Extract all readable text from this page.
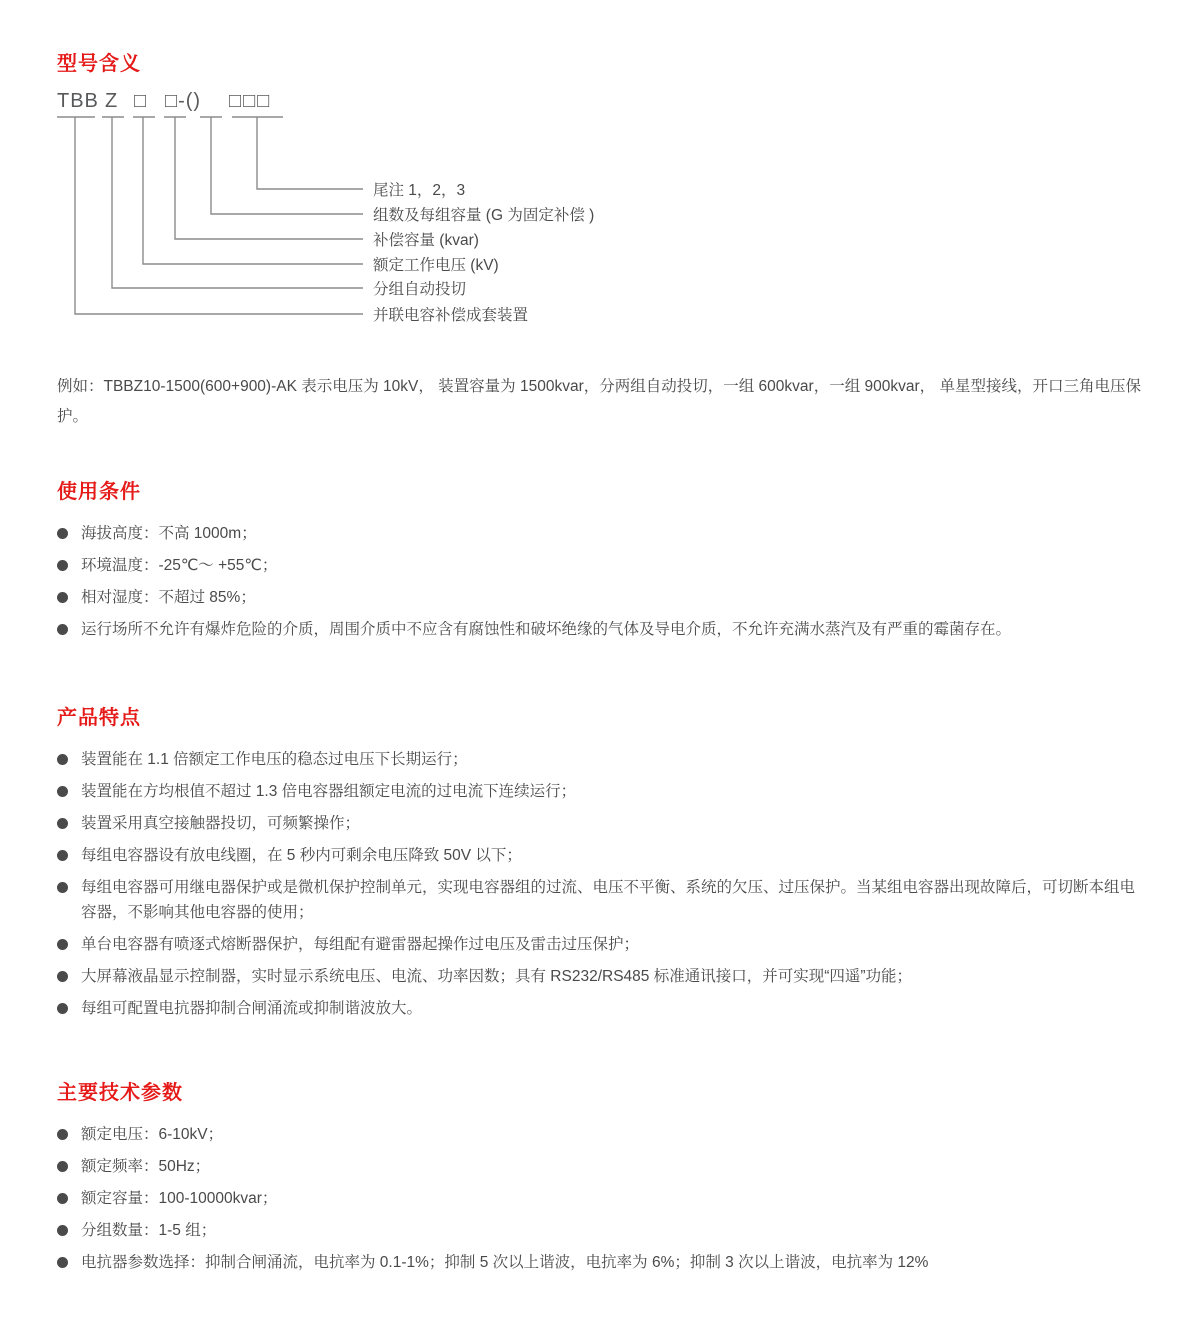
型号含义
TBB Z □ □-() □□□
尾注 1，2，3
组数及每组容量 (G 为固定补偿 )
补偿容量 (kvar)
额定工作电压 (kV)
分组自动投切
并联电容补偿成套装置

例如：TBBZ10-1500(600+900)-AK 表示电压为 10kV， 装置容量为 1500kvar，分两组自动投切，一组 600kvar，一组 900kvar， 单星型接线，开口三角电压保护。

使用条件
海拔高度：不高 1000m；
环境温度：-25℃～ +55℃；
相对湿度：不超过 85%；
运行场所不允许有爆炸危险的介质，周围介质中不应含有腐蚀性和破坏绝缘的气体及导电介质，不允许充满水蒸汽及有严重的霉菌存在。
产品特点
装置能在 1.1 倍额定工作电压的稳态过电压下长期运行；
装置能在方均根值不超过 1.3 倍电容器组额定电流的过电流下连续运行；
装置采用真空接触器投切，可频繁操作；
每组电容器设有放电线圈，在 5 秒内可剩余电压降致 50V 以下；
每组电容器可用继电器保护或是微机保护控制单元，实现电容器组的过流、电压不平衡、系统的欠压、过压保护。当某组电容器出现故障后，可切断本组电容器，不影响其他电容器的使用；
单台电容器有喷逐式熔断器保护，每组配有避雷器起操作过电压及雷击过压保护；
大屏幕液晶显示控制器，实时显示系统电压、电流、功率因数；具有 RS232/RS485 标准通讯接口，并可实现“四遥”功能；
每组可配置电抗器抑制合闸涌流或抑制谐波放大。
主要技术参数
额定电压：6-10kV；
额定频率：50Hz；
额定容量：100-10000kvar；
分组数量：1-5 组；
电抗器参数选择：抑制合闸涌流，电抗率为 0.1-1%；抑制 5 次以上谐波，电抗率为 6%；抑制 3 次以上谐波，电抗率为 12%
